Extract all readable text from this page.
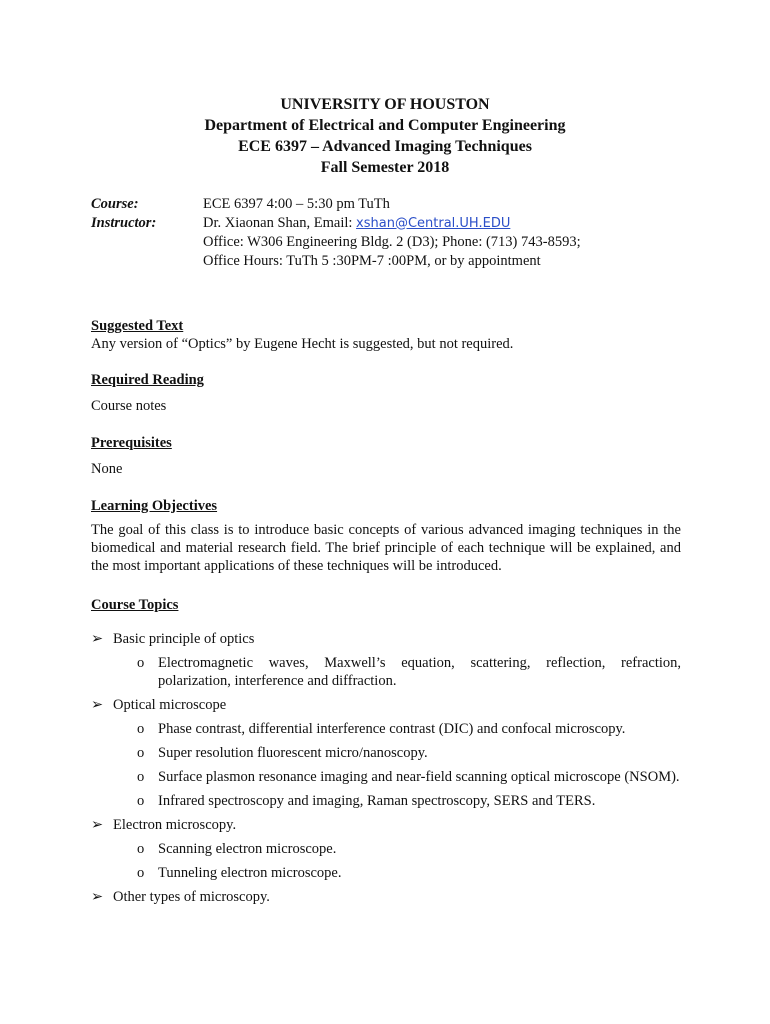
UNIVERSITY OF HOUSTON
Department of Electrical and Computer Engineering
ECE 6397 – Advanced Imaging Techniques
Fall Semester 2018
Course:	ECE 6397 4:00 – 5:30 pm TuTh
Instructor:	Dr. Xiaonan Shan, Email: xshan@Central.UH.EDU
Office: W306 Engineering Bldg. 2 (D3); Phone: (713) 743-8593;
Office Hours: TuTh 5 :30PM-7 :00PM, or by appointment
Suggested Text

Any version of “Optics” by Eugene Hecht is suggested, but not required.

Required Reading

Course notes

Prerequisites

None

Learning Objectives

The goal of this class is to introduce basic concepts of various advanced imaging techniques in the biomedical and material research field. The brief principle of each technique will be explained, and the most important applications of these techniques will be introduced.

Course Topics
➢ Basic principle of optics
o Electromagnetic waves, Maxwell’s equation, scattering, reflection, refraction, polarization, interference and diffraction.
➢ Optical microscope
o Phase contrast, differential interference contrast (DIC) and confocal microscopy.
o Super resolution fluorescent micro/nanoscopy.
o Surface plasmon resonance imaging and near-field scanning optical microscope (NSOM).
o Infrared spectroscopy and imaging, Raman spectroscopy, SERS and TERS.
➢ Electron microscopy.
o Scanning electron microscope.
o Tunneling electron microscope.
➢ Other types of microscopy.
